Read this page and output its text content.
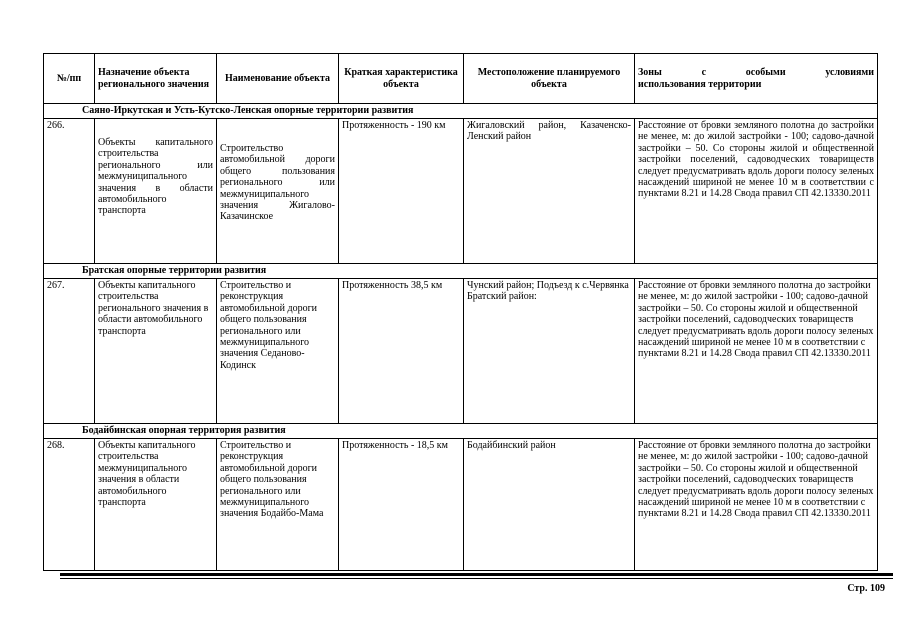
№/пп	Назначение объекта регионального значения	Наименование объекта	Краткая характеристика объекта	Местоположение планируемого объекта	Зоны с особыми условиями
использования территории
Саяно-Иркутская и Усть-Кутско-Ленская опорные территории развития					
266.	Объекты капитального строительства регионального или межмуниципального значения в области автомобильного транспорта	Строительство автомобильной дороги общего пользования регионального или межмуниципального значения Жигалово-Казачинское	Протяженность - 190 км	Жигаловский район, Казаченско-Ленский район	Расстояние от бровки земляного полотна до застройки не менее, м: до жилой застройки - 100; садово-дачной застройки – 50. Со стороны жилой и общественной застройки поселений, садоводческих товариществ следует предусматривать вдоль дороги полосу зеленых насаждений шириной не менее 10 м в соответствии с пунктами 8.21 и 14.28 Свода правил СП 42.13330.2011
Братская опорные территории развития					
267.	Объекты капитального строительства регионального значения в области автомобильного транспорта	Строительство и реконструкция автомобильной дороги общего пользования регионального или межмуниципального значения Седаново-Кодинск	Протяженность 38,5 км	Чунский район; Подъезд к с.Червянка Братский район:	Расстояние от бровки земляного полотна до застройки не менее, м: до жилой застройки - 100; садово-дачной застройки – 50. Со стороны жилой и общественной застройки поселений, садоводческих товариществ следует предусматривать вдоль дороги полосу зеленых насаждений шириной не менее 10 м в соответствии с пунктами 8.21 и 14.28 Свода правил СП 42.13330.2011
Бодайбинская опорная территория развития					
268.	Объекты капитального строительства межмуниципального значения в области автомобильного транспорта	Строительство и реконструкция автомобильной дороги общего пользования регионального или межмуниципального значения Бодайбо-Мама	Протяженность - 18,5 км	Бодайбинский район	Расстояние от бровки земляного полотна до застройки не менее, м: до жилой застройки - 100; садово-дачной застройки – 50. Со стороны жилой и общественной застройки поселений, садоводческих товариществ следует предусматривать вдоль дороги полосу зеленых насаждений шириной не менее 10 м в соответствии с пунктами 8.21 и 14.28 Свода правил СП 42.13330.2011
Стр. 109
